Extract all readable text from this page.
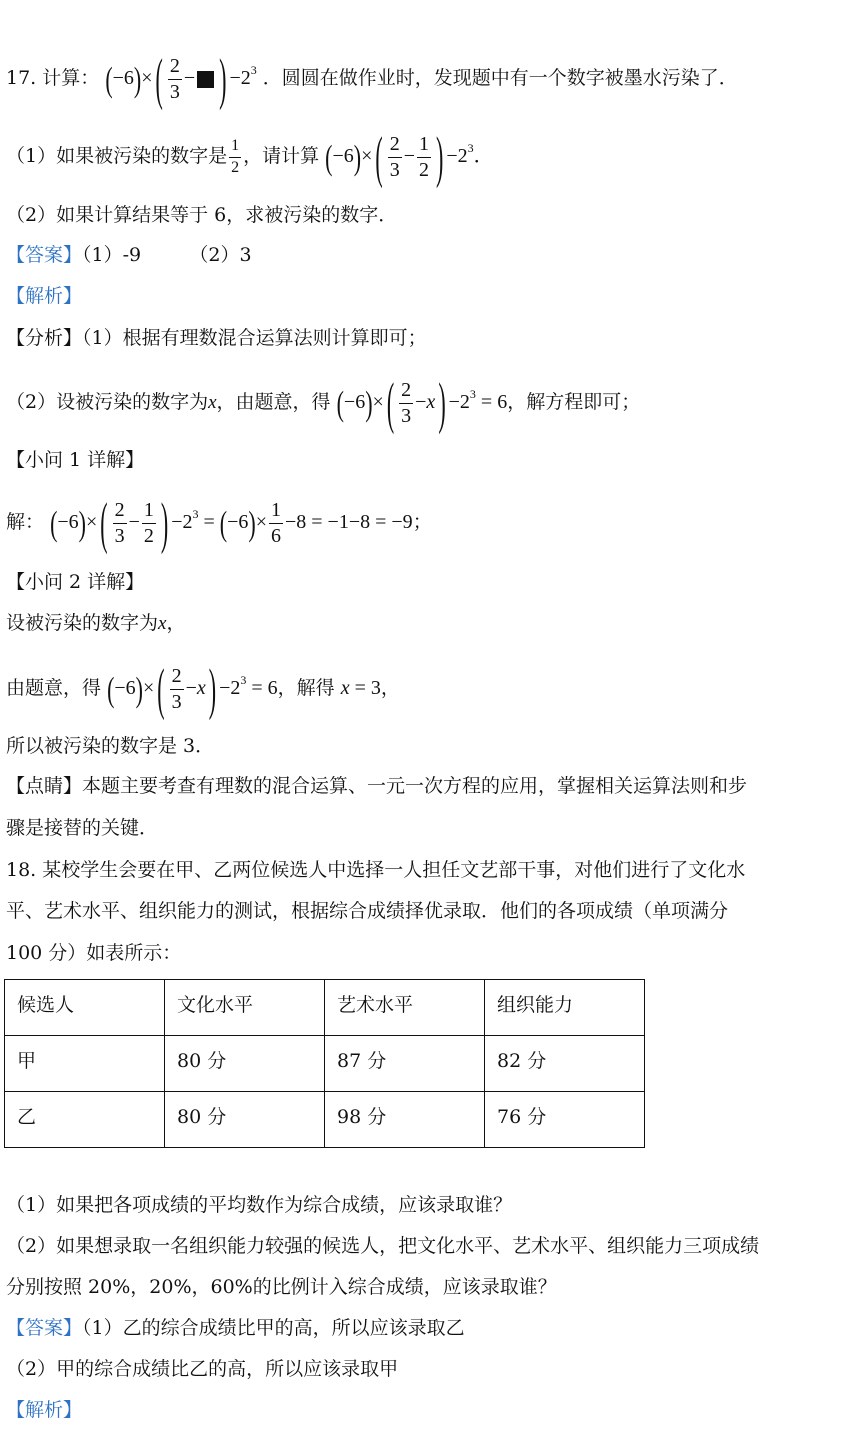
17. 计算： (−6)× ( $\frac{2}{3}$ − ) $-2^3$ ．圆圆在做作业时，发现题中有一个数字被墨水污染了．
（1）如果被污染的数字是 $\frac{1}{2}$ ，请计算 (−6)× ( $\frac{2}{3} - \frac{1}{2}$ ) $-2^3$．
（2）如果计算结果等于 6，求被污染的数字．
【答案】（1）-9        （2）3
【解析】
【分析】（1）根据有理数混合运算法则计算即可；
（2）设被污染的数字为x，由题意，得 (−6)× ( $\frac{2}{3} -x$ ) $-2^3 = 6$，解方程即可；
【小问 1 详解】
解： (−6)× ( $\frac{2}{3} - \frac{1}{2}$ ) $-2^3 = (-6)\times \frac{1}{6} -8 = -1-8 = -9$；
【小问 2 详解】
设被污染的数字为x，
由题意，得 (−6)× ( $\frac{2}{3} -x$ ) $-2^3 = 6$，解得 x = 3，
所以被污染的数字是 3．
【点睛】本题主要考查有理数的混合运算、一元一次方程的应用，掌握相关运算法则和步
骤是接替的关键．
18. 某校学生会要在甲、乙两位候选人中选择一人担任文艺部干事，对他们进行了文化水
平、艺术水平、组织能力的测试，根据综合成绩择优录取．他们的各项成绩（单项满分
100 分）如表所示：
候选人	文化水平	艺术水平	组织能力
甲	80 分	87 分	82 分
乙	80 分	98 分	76 分
（1）如果把各项成绩的平均数作为综合成绩，应该录取谁？
（2）如果想录取一名组织能力较强的候选人，把文化水平、艺术水平、组织能力三项成绩
分别按照 20%，20%，60%的比例计入综合成绩，应该录取谁？
【答案】（1）乙的综合成绩比甲的高，所以应该录取乙
（2）甲的综合成绩比乙的高，所以应该录取甲
【解析】
